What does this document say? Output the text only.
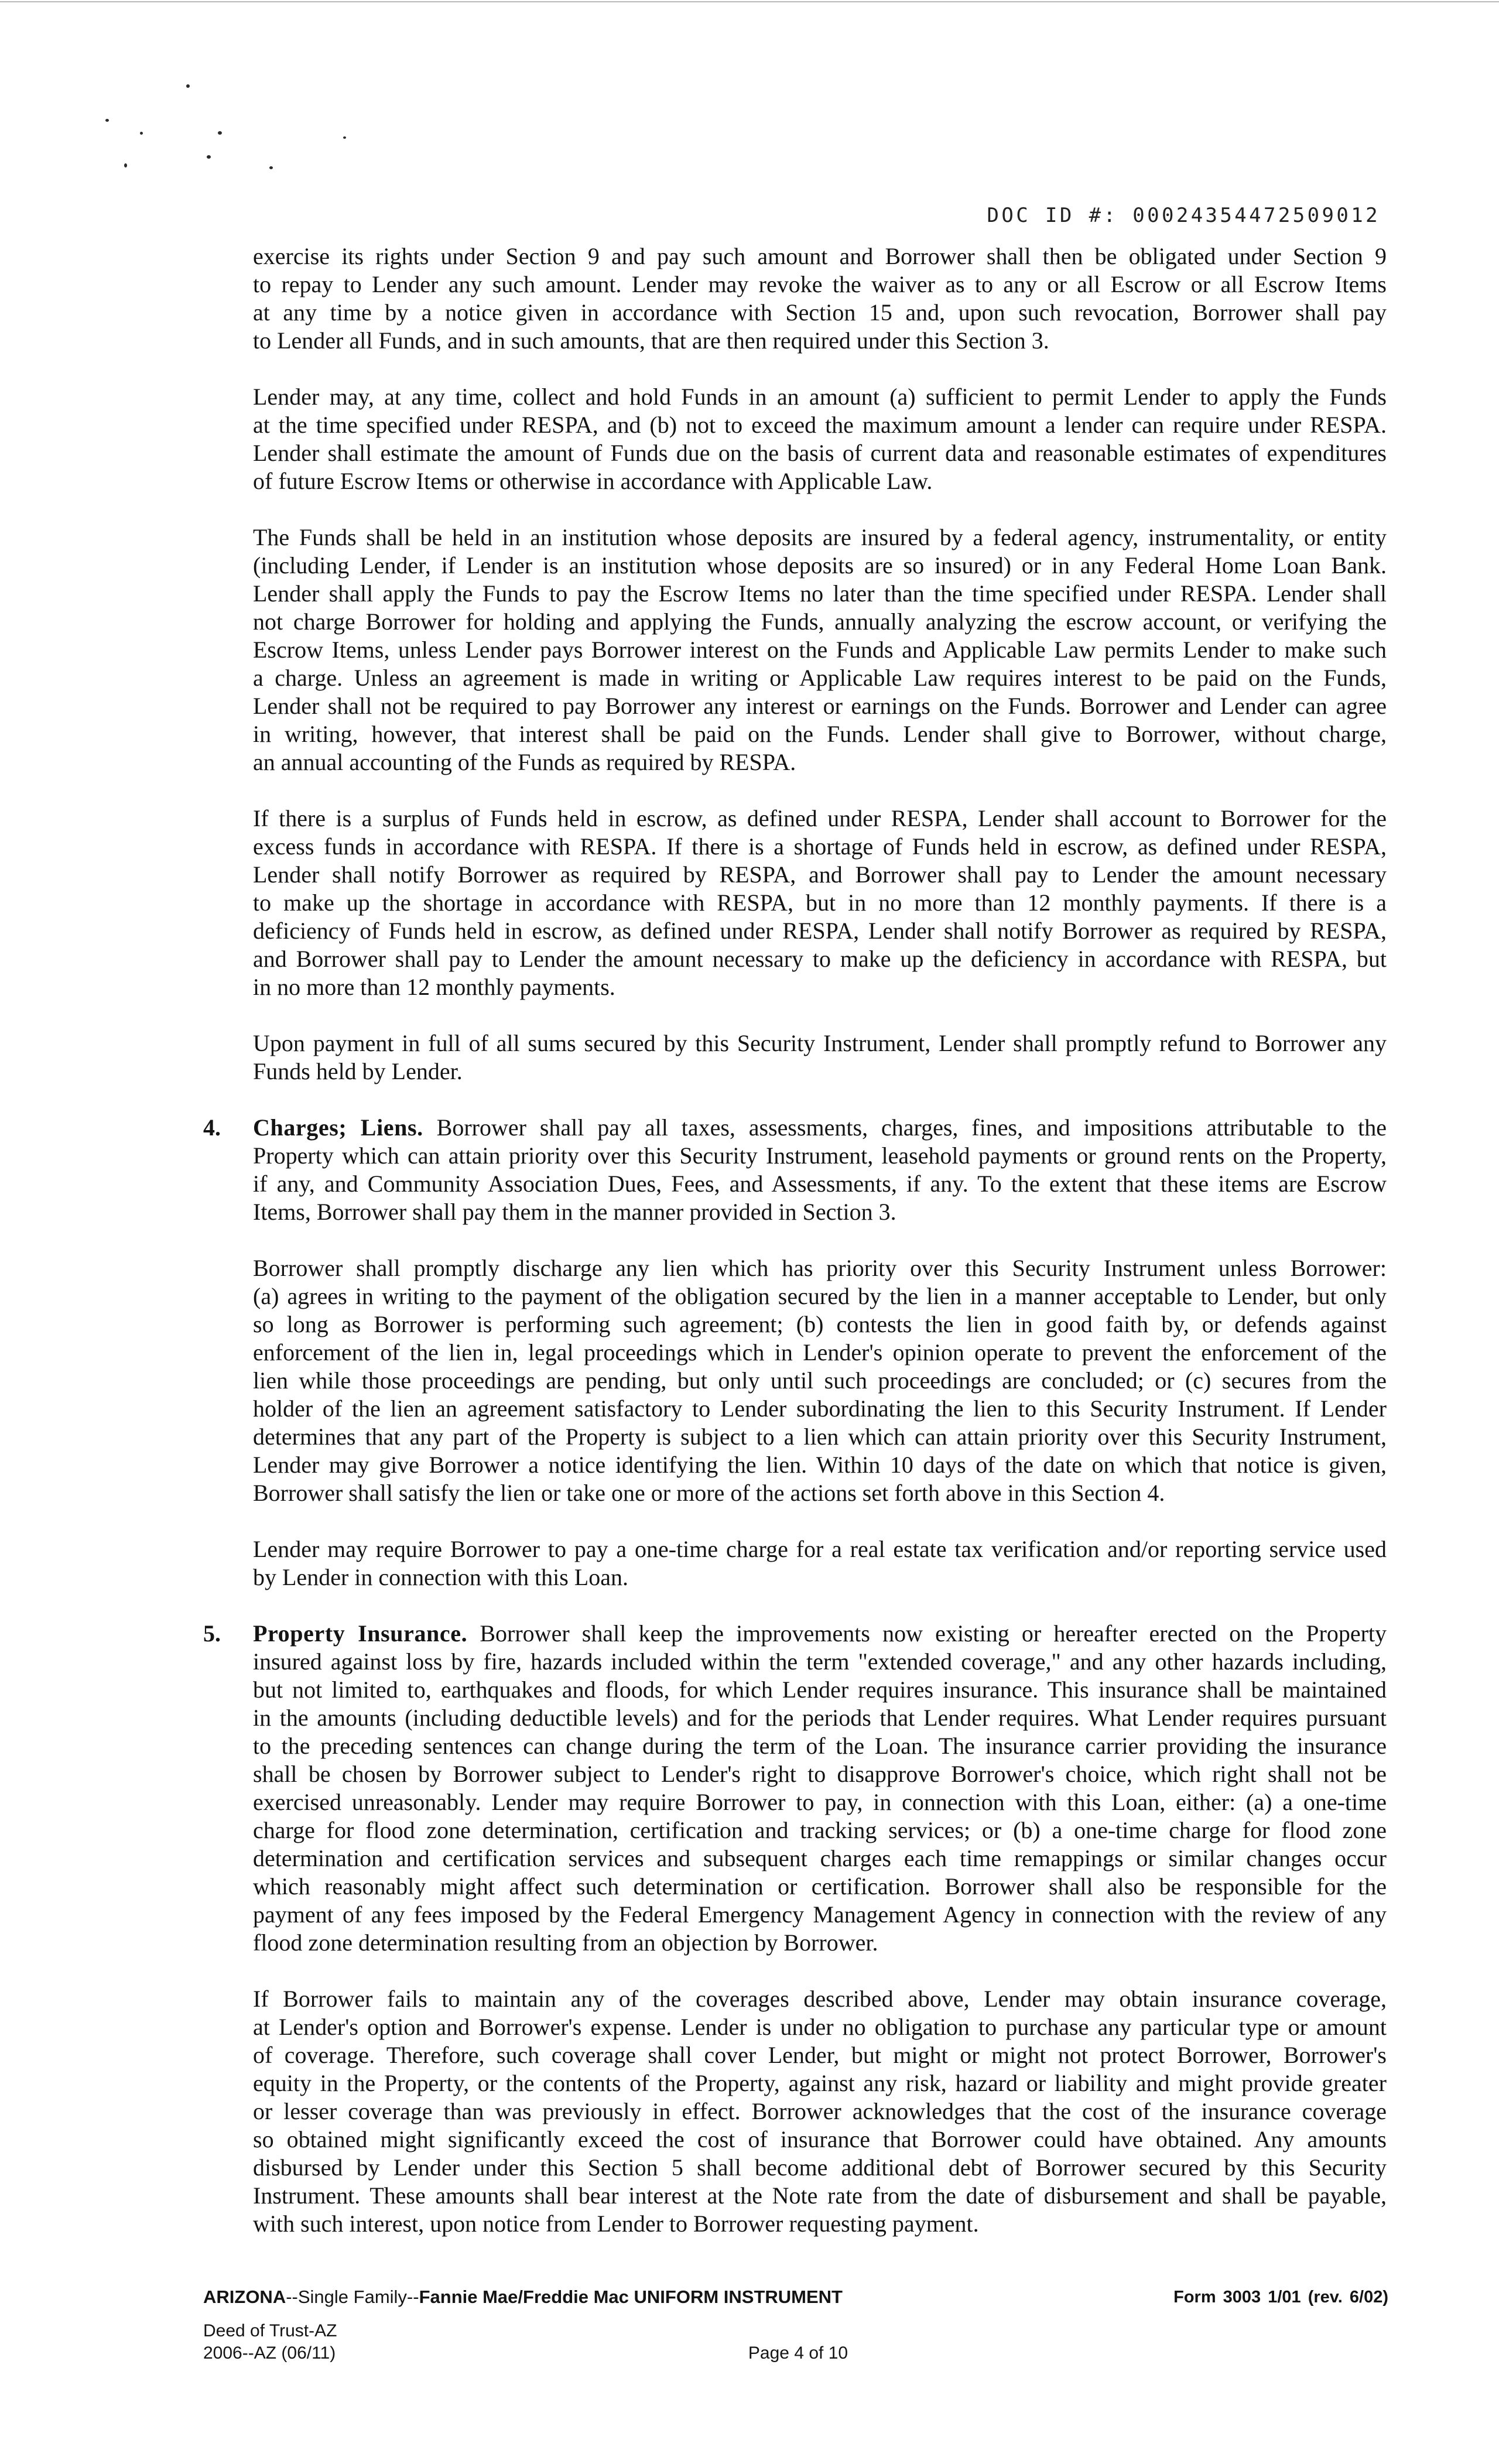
DOC ID #: 00024354472509012
exercise its rights under Section 9 and pay such amount and Borrower shall then be obligated under Section 9
to repay to Lender any such amount. Lender may revoke the waiver as to any or all Escrow or all Escrow Items
at any time by a notice given in accordance with Section 15 and, upon such revocation, Borrower shall pay
to Lender all Funds, and in such amounts, that are then required under this Section 3.
Lender may, at any time, collect and hold Funds in an amount (a) sufficient to permit Lender to apply the Funds
at the time specified under RESPA, and (b) not to exceed the maximum amount a lender can require under RESPA.
Lender shall estimate the amount of Funds due on the basis of current data and reasonable estimates of expenditures
of future Escrow Items or otherwise in accordance with Applicable Law.
The Funds shall be held in an institution whose deposits are insured by a federal agency, instrumentality, or entity
(including Lender, if Lender is an institution whose deposits are so insured) or in any Federal Home Loan Bank.
Lender shall apply the Funds to pay the Escrow Items no later than the time specified under RESPA. Lender shall
not charge Borrower for holding and applying the Funds, annually analyzing the escrow account, or verifying the
Escrow Items, unless Lender pays Borrower interest on the Funds and Applicable Law permits Lender to make such
a charge. Unless an agreement is made in writing or Applicable Law requires interest to be paid on the Funds,
Lender shall not be required to pay Borrower any interest or earnings on the Funds. Borrower and Lender can agree
in writing, however, that interest shall be paid on the Funds. Lender shall give to Borrower, without charge,
an annual accounting of the Funds as required by RESPA.
If there is a surplus of Funds held in escrow, as defined under RESPA, Lender shall account to Borrower for the
excess funds in accordance with RESPA. If there is a shortage of Funds held in escrow, as defined under RESPA,
Lender shall notify Borrower as required by RESPA, and Borrower shall pay to Lender the amount necessary
to make up the shortage in accordance with RESPA, but in no more than 12 monthly payments. If there is a
deficiency of Funds held in escrow, as defined under RESPA, Lender shall notify Borrower as required by RESPA,
and Borrower shall pay to Lender the amount necessary to make up the deficiency in accordance with RESPA, but
in no more than 12 monthly payments.
Upon payment in full of all sums secured by this Security Instrument, Lender shall promptly refund to Borrower any
Funds held by Lender.
4. Charges; Liens. Borrower shall pay all taxes, assessments, charges, fines, and impositions attributable to the
Property which can attain priority over this Security Instrument, leasehold payments or ground rents on the Property,
if any, and Community Association Dues, Fees, and Assessments, if any. To the extent that these items are Escrow
Items, Borrower shall pay them in the manner provided in Section 3.
Borrower shall promptly discharge any lien which has priority over this Security Instrument unless Borrower:
(a) agrees in writing to the payment of the obligation secured by the lien in a manner acceptable to Lender, but only
so long as Borrower is performing such agreement; (b) contests the lien in good faith by, or defends against
enforcement of the lien in, legal proceedings which in Lender's opinion operate to prevent the enforcement of the
lien while those proceedings are pending, but only until such proceedings are concluded; or (c) secures from the
holder of the lien an agreement satisfactory to Lender subordinating the lien to this Security Instrument. If Lender
determines that any part of the Property is subject to a lien which can attain priority over this Security Instrument,
Lender may give Borrower a notice identifying the lien. Within 10 days of the date on which that notice is given,
Borrower shall satisfy the lien or take one or more of the actions set forth above in this Section 4.
Lender may require Borrower to pay a one-time charge for a real estate tax verification and/or reporting service used
by Lender in connection with this Loan.
5. Property Insurance. Borrower shall keep the improvements now existing or hereafter erected on the Property
insured against loss by fire, hazards included within the term "extended coverage," and any other hazards including,
but not limited to, earthquakes and floods, for which Lender requires insurance. This insurance shall be maintained
in the amounts (including deductible levels) and for the periods that Lender requires. What Lender requires pursuant
to the preceding sentences can change during the term of the Loan. The insurance carrier providing the insurance
shall be chosen by Borrower subject to Lender's right to disapprove Borrower's choice, which right shall not be
exercised unreasonably. Lender may require Borrower to pay, in connection with this Loan, either: (a) a one-time
charge for flood zone determination, certification and tracking services; or (b) a one-time charge for flood zone
determination and certification services and subsequent charges each time remappings or similar changes occur
which reasonably might affect such determination or certification. Borrower shall also be responsible for the
payment of any fees imposed by the Federal Emergency Management Agency in connection with the review of any
flood zone determination resulting from an objection by Borrower.
If Borrower fails to maintain any of the coverages described above, Lender may obtain insurance coverage,
at Lender's option and Borrower's expense. Lender is under no obligation to purchase any particular type or amount
of coverage. Therefore, such coverage shall cover Lender, but might or might not protect Borrower, Borrower's
equity in the Property, or the contents of the Property, against any risk, hazard or liability and might provide greater
or lesser coverage than was previously in effect. Borrower acknowledges that the cost of the insurance coverage
so obtained might significantly exceed the cost of insurance that Borrower could have obtained. Any amounts
disbursed by Lender under this Section 5 shall become additional debt of Borrower secured by this Security
Instrument. These amounts shall bear interest at the Note rate from the date of disbursement and shall be payable,
with such interest, upon notice from Lender to Borrower requesting payment.
ARIZONA--Single Family--Fannie Mae/Freddie Mac UNIFORM INSTRUMENT	Form 3003 1/01 (rev. 6/02)
Deed of Trust-AZ
2006--AZ (06/11)	Page 4 of 10
